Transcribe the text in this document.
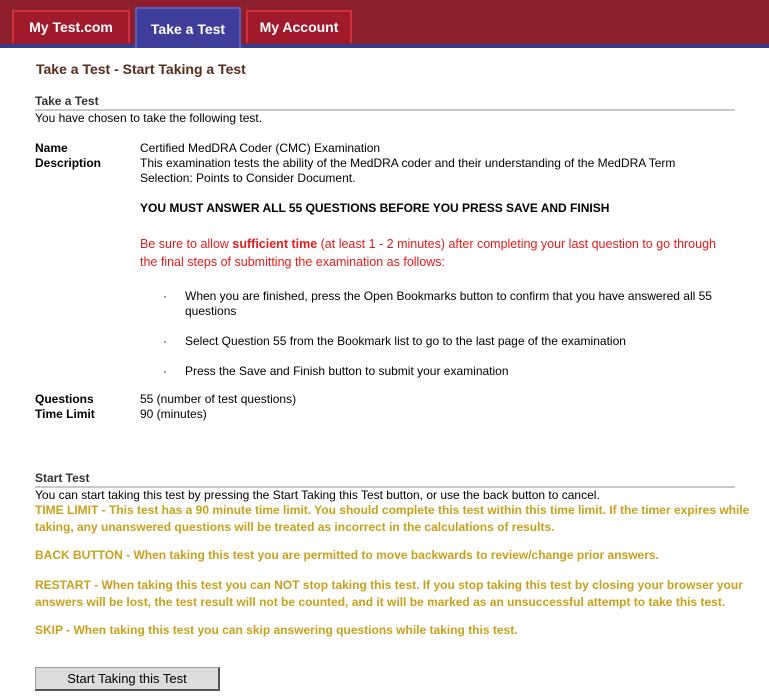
My Test.com	Take a Test	My Account
Take a Test - Start Taking a Test
Take a Test
You have chosen to take the following test.
Name	Certified MedDRA Coder (CMC) Examination
Description	This examination tests the ability of the MedDRA coder and their understanding of the MedDRA Term Selection: Points to Consider Document.
YOU MUST ANSWER ALL 55 QUESTIONS BEFORE YOU PRESS SAVE AND FINISH
Be sure to allow sufficient time (at least 1 - 2 minutes) after completing your last question to go through the final steps of submitting the examination as follows:
· When you are finished, press the Open Bookmarks button to confirm that you have answered all 55 questions
· Select Question 55 from the Bookmark list to go to the last page of the examination
· Press the Save and Finish button to submit your examination
Questions	55 (number of test questions)
Time Limit	90 (minutes)
Start Test
You can start taking this test by pressing the Start Taking this Test button, or use the back button to cancel.
TIME LIMIT - This test has a 90 minute time limit. You should complete this test within this time limit. If the timer expires while taking, any unanswered questions will be treated as incorrect in the calculations of results.
BACK BUTTON - When taking this test you are permitted to move backwards to review/change prior answers.
RESTART - When taking this test you can NOT stop taking this test. If you stop taking this test by closing your browser your answers will be lost, the test result will not be counted, and it will be marked as an unsuccessful attempt to take this test.
SKIP - When taking this test you can skip answering questions while taking this test.
Start Taking this Test
